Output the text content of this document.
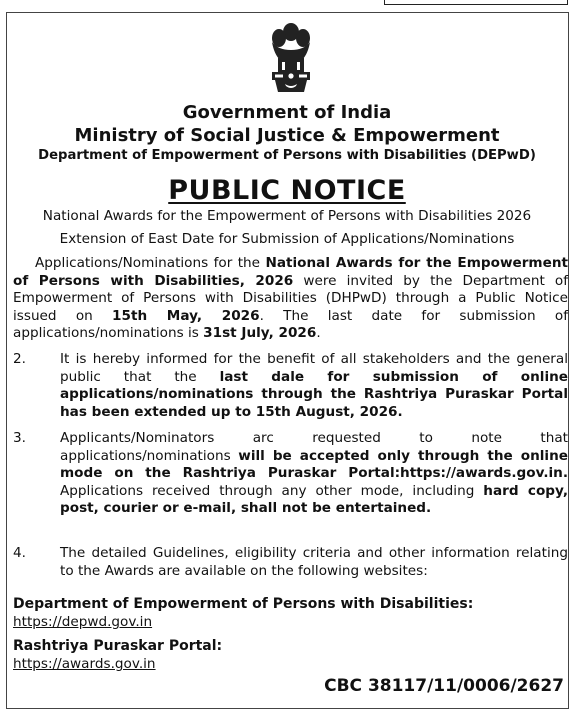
Government of India
Ministry of Social Justice & Empowerment
Department of Empowerment of Persons with Disabilities (DEPwD)
PUBLIC NOTICE
National Awards for the Empowerment of Persons with Disabilities 2026
Extension of East Date for Submission of Applications/Nominations
Applications/Nominations for the National Awards for the Empowerment of Persons with Disabilities, 2026 were invited by the Department of Empowerment of Persons with Disabilities (DHPwD) through a Public Notice issued on 15th May, 2026. The last date for submission of applications/nominations is 31st July, 2026.
2.	It is hereby informed for the benefit of all stakeholders and the general public that the last dale for submission of online applications/nominations through the Rashtriya Puraskar Portal has been extended up to 15th August, 2026.
3.	Applicants/Nominators arc requested to note that applications/nominations will be accepted only through the online mode on the Rashtriya Puraskar Portal:https://awards.gov.in. Applications received through any other mode, including hard copy, post, courier or e-mail, shall not be entertained.
4.	The detailed Guidelines, eligibility criteria and other information relating to the Awards are available on the following websites:
Department of Empowerment of Persons with Disabilities:
https://depwd.gov.in
Rashtriya Puraskar Portal:
https://awards.gov.in
CBC 38117/11/0006/2627
